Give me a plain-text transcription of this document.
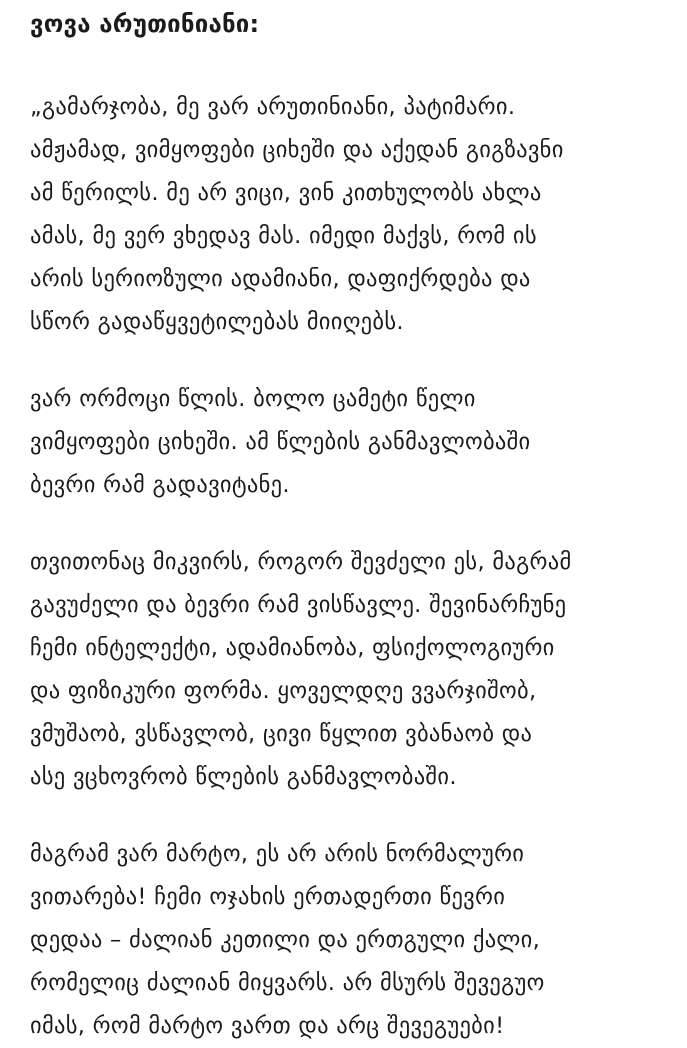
ვოვა არუთინიანი:
„გამარჯობა, მე ვარ არუთინიანი, პატიმარი.
ამჟამად, ვიმყოფები ციხეში და აქედან გიგზავნი
ამ წერილს. მე არ ვიცი, ვინ კითხულობს ახლა
ამას, მე ვერ ვხედავ მას. იმედი მაქვს, რომ ის
არის სერიოზული ადამიანი, დაფიქრდება და
სწორ გადაწყვეტილებას მიიღებს.
ვარ ორმოცი წლის. ბოლო ცამეტი წელი
ვიმყოფები ციხეში. ამ წლების განმავლობაში
ბევრი რამ გადავიტანე.
თვითონაც მიკვირს, როგორ შევძელი ეს, მაგრამ
გავუძელი და ბევრი რამ ვისწავლე. შევინარჩუნე
ჩემი ინტელექტი, ადამიანობა, ფსიქოლოგიური
და ფიზიკური ფორმა. ყოველდღე ვვარჯიშობ,
ვმუშაობ, ვსწავლობ, ცივი წყლით ვბანაობ და
ასე ვცხოვრობ წლების განმავლობაში.
მაგრამ ვარ მარტო, ეს არ არის ნორმალური
ვითარება! ჩემი ოჯახის ერთადერთი წევრი
დედაა – ძალიან კეთილი და ერთგული ქალი,
რომელიც ძალიან მიყვარს. არ მსურს შევეგუო
იმას, რომ მარტო ვართ და არც შევეგუები!
